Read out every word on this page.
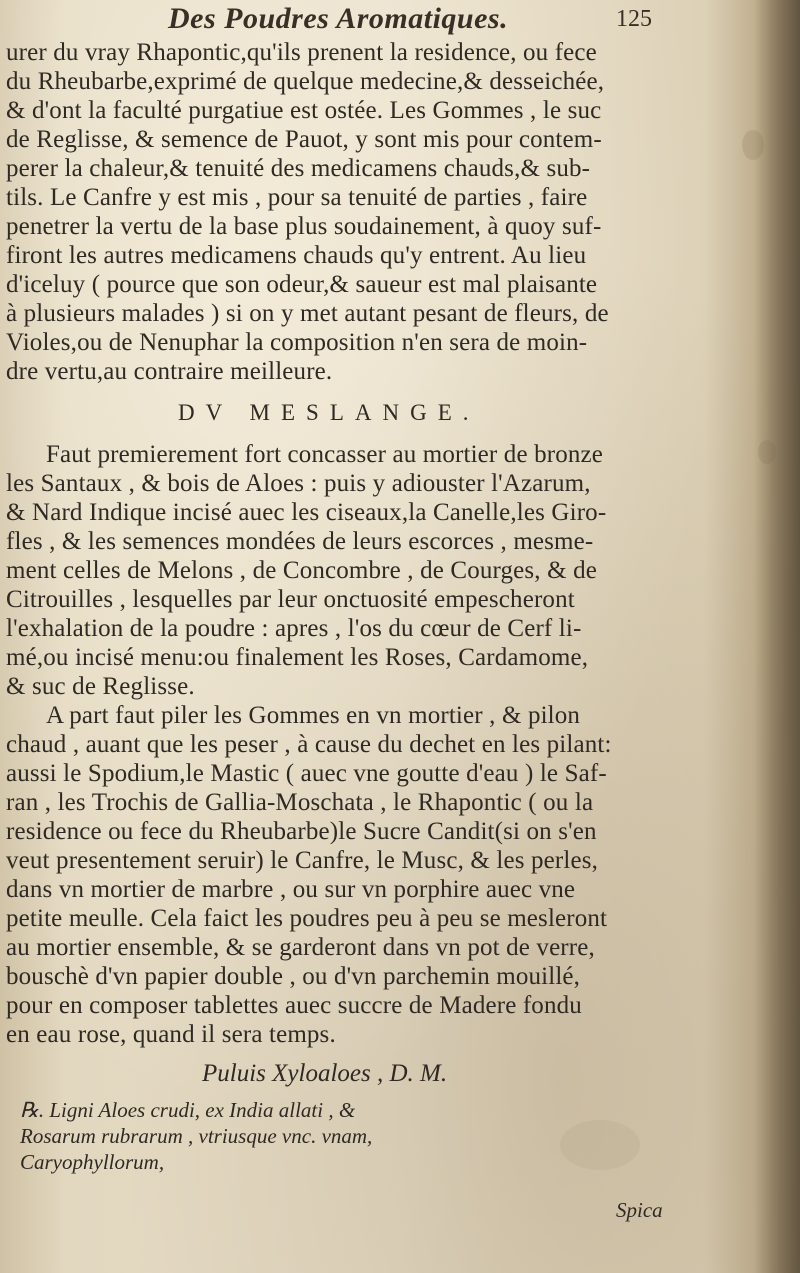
Des Poudres Aromatiques.	125
urer du vray Rhapontic,qu'ils prenent la residence, ou fece
du Rheubarbe,exprimé de quelque medecine,& desseichée,
& d'ont la faculté purgatiue est ostée. Les Gommes , le suc
de Reglisse, & semence de Pauot, y sont mis pour contem-
perer la chaleur,& tenuité des medicamens chauds,& sub-
tils. Le Canfre y est mis , pour sa tenuité de parties , faire
penetrer la vertu de la base plus soudainement, à quoy suf-
firont les autres medicamens chauds qu'y entrent. Au lieu
d'iceluy ( pource que son odeur,& saueur est mal plaisante
à plusieurs malades ) si on y met autant pesant de fleurs, de
Violes,ou de Nenuphar la composition n'en sera de moin-
dre vertu,au contraire meilleure.
DV MESLANGE.
Faut premierement fort concasser au mortier de bronze
les Santaux , & bois de Aloes : puis y adiouster l'Azarum,
& Nard Indique incisé auec les ciseaux,la Canelle,les Giro-
fles , & les semences mondées de leurs escorces , mesme-
ment celles de Melons , de Concombre , de Courges, & de
Citrouilles , lesquelles par leur onctuosité empescheront
l'exhalation de la poudre : apres , l'os du cœur de Cerf li-
mé,ou incisé menu:ou finalement les Roses, Cardamome,
& suc de Reglisse.
A part faut piler les Gommes en vn mortier , & pilon
chaud , auant que les peser , à cause du dechet en les pilant:
aussi le Spodium,le Mastic ( auec vne goutte d'eau ) le Saf-
ran , les Trochis de Gallia-Moschata , le Rhapontic ( ou la
residence ou fece du Rheubarbe)le Sucre Candit(si on s'en
veut presentement seruir) le Canfre, le Musc, & les perles,
dans vn mortier de marbre , ou sur vn porphire auec vne
petite meulle. Cela faict les poudres peu à peu se mesleront
au mortier ensemble, & se garderont dans vn pot de verre,
bouschè d'vn papier double , ou d'vn parchemin mouillé,
pour en composer tablettes auec succre de Madere fondu
en eau rose, quand il sera temps.
Puluis Xyloaloes , D. M.
℞. Ligni Aloes crudi, ex India allati , &
Rosarum rubrarum , vtriusque vnc. vnam,
Caryophyllorum,
Spica
